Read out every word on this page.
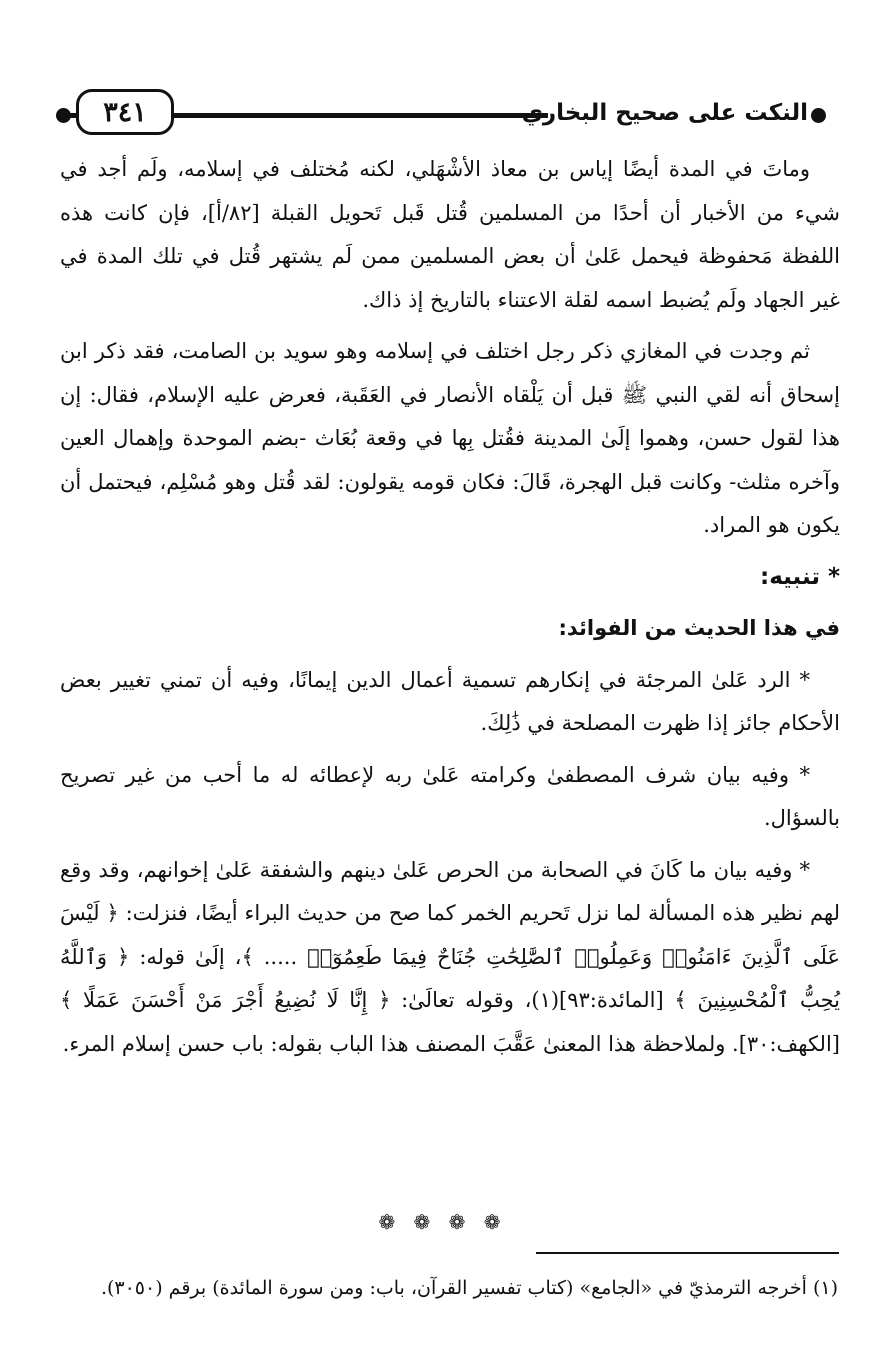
٣٤١	النكت على صحيح البخاري

وماتَ في المدة أيضًا إياس بن معاذ الأشْهَلي، لكنه مُختلف في إسلامه، ولَم أجد في شيء من الأخبار أن أحدًا من المسلمين قُتل قَبل تَحويل القبلة [٨٢/أ]، فإن كانت هذه اللفظة مَحفوظة فيحمل عَلىٰ أن بعض المسلمين ممن لَم يشتهر قُتل في تلك المدة في غير الجهاد ولَم يُضبط اسمه لقلة الاعتناء بالتاريخ إذ ذاك.

ثم وجدت في المغازي ذكر رجل اختلف في إسلامه وهو سويد بن الصامت، فقد ذكر ابن إسحاق أنه لقي النبي ﷺ قبل أن يَلْقاه الأنصار في العَقَبة، فعرض عليه الإسلام، فقال: إن هذا لقول حسن، وهموا إلَىٰ المدينة فقُتل بِها في وقعة بُعَاث -بضم الموحدة وإهمال العين وآخره مثلث- وكانت قبل الهجرة، قَالَ: فكان قومه يقولون: لقد قُتل وهو مُسْلِم، فيحتمل أن يكون هو المراد.

* تنبيه:

في هذا الحديث من الفوائد:

* الرد عَلىٰ المرجئة في إنكارهم تسمية أعمال الدين إيمانًا، وفيه أن تمني تغيير بعض الأحكام جائز إذا ظهرت المصلحة في ذَٰلِكَ.

* وفيه بيان شرف المصطفىٰ وكرامته عَلىٰ ربه لإعطائه له ما أحب من غير تصريح بالسؤال.

* وفيه بيان ما كَانَ في الصحابة من الحرص عَلىٰ دينهم والشفقة عَلىٰ إخوانهم، وقد وقع لهم نظير هذه المسألة لما نزل تَحريم الخمر كما صح من حديث البراء أيضًا، فنزلت: ﴿ لَيْسَ عَلَى ٱلَّذِينَ ءَامَنُوا۟ وَعَمِلُوا۟ ٱلصَّٰلِحَٰتِ جُنَاحٌ فِيمَا طَعِمُوٓا۟ ..... ﴾، إلَىٰ قوله: ﴿ وَٱللَّهُ يُحِبُّ ٱلْمُحْسِنِينَ ﴾ [المائدة:٩٣](١)، وقوله تعالَىٰ: ﴿ إِنَّا لَا نُضِيعُ أَجْرَ مَنْ أَحْسَنَ عَمَلًا ﴾ [الكهف:٣٠]. ولملاحظة هذا المعنىٰ عَقَّبَ المصنف هذا الباب بقوله: باب حسن إسلام المرء.

❁ ❁ ❁ ❁
(١) أخرجه الترمذيّ في «الجامع» (كتاب تفسير القرآن، باب: ومن سورة المائدة) برقم (٣٠٥٠).
